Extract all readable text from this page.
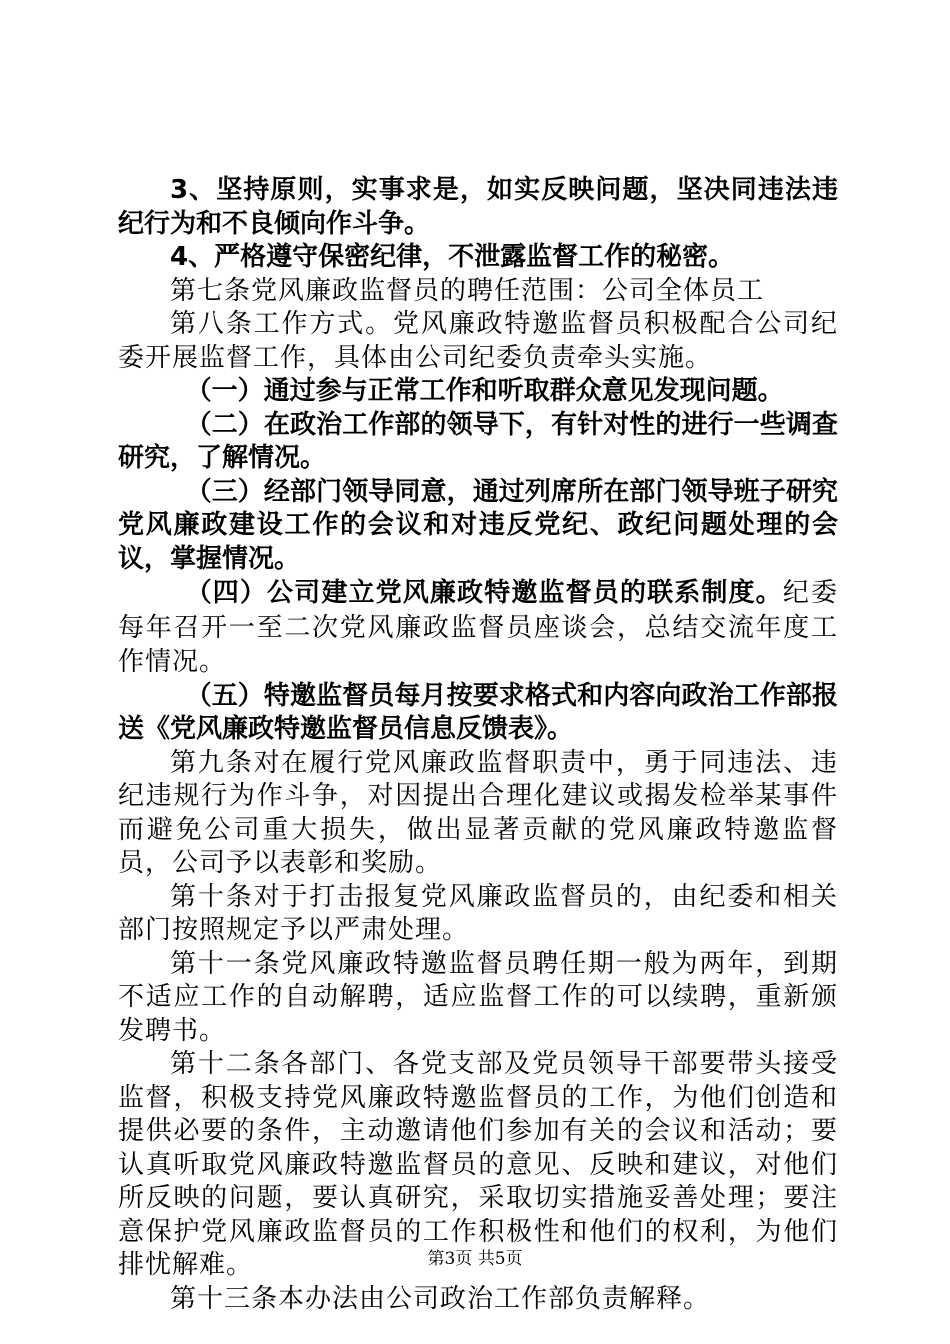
3、坚持原则，实事求是，如实反映问题，坚决同违法违纪行为和不良倾向作斗争。

4、严格遵守保密纪律，不泄露监督工作的秘密。

第七条党风廉政监督员的聘任范围：公司全体员工

第八条工作方式。党风廉政特邀监督员积极配合公司纪委开展监督工作，具体由公司纪委负责牵头实施。

（一）通过参与正常工作和听取群众意见发现问题。

（二）在政治工作部的领导下，有针对性的进行一些调查研究，了解情况。

（三）经部门领导同意，通过列席所在部门领导班子研究党风廉政建设工作的会议和对违反党纪、政纪问题处理的会议，掌握情况。

（四）公司建立党风廉政特邀监督员的联系制度。纪委每年召开一至二次党风廉政监督员座谈会，总结交流年度工作情况。

（五）特邀监督员每月按要求格式和内容向政治工作部报送《党风廉政特邀监督员信息反馈表》。

第九条对在履行党风廉政监督职责中，勇于同违法、违纪违规行为作斗争，对因提出合理化建议或揭发检举某事件而避免公司重大损失，做出显著贡献的党风廉政特邀监督员，公司予以表彰和奖励。

第十条对于打击报复党风廉政监督员的，由纪委和相关部门按照规定予以严肃处理。

第十一条党风廉政特邀监督员聘任期一般为两年，到期不适应工作的自动解聘，适应监督工作的可以续聘，重新颁发聘书。

第十二条各部门、各党支部及党员领导干部要带头接受监督，积极支持党风廉政特邀监督员的工作，为他们创造和提供必要的条件，主动邀请他们参加有关的会议和活动；要认真听取党风廉政特邀监督员的意见、反映和建议，对他们所反映的问题，要认真研究，采取切实措施妥善处理；要注意保护党风廉政监督员的工作积极性和他们的权利，为他们排忧解难。

第十三条本办法由公司政治工作部负责解释。

第3页 共5页
